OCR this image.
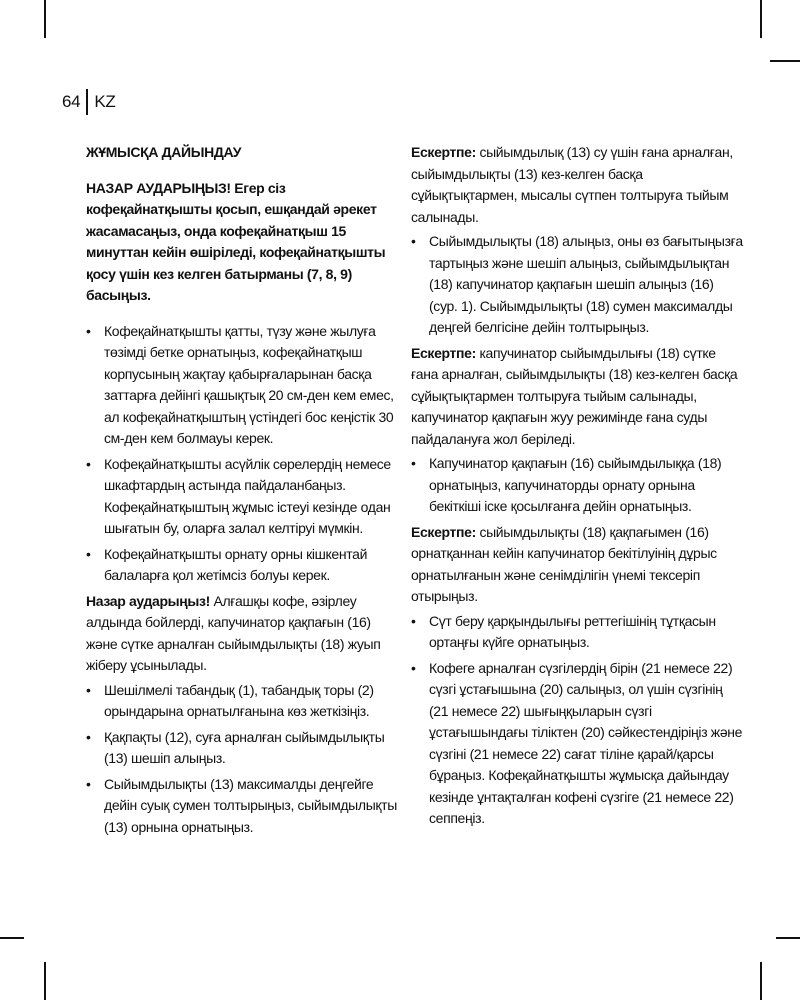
64 KZ
ЖҰМЫСҚА ДАЙЫНДАУ
НАЗАР АУДАРЫҢЫЗ! Егер сіз кофеқайнатқышты қосып, ешқандай әрекет жасамасаңыз, онда кофеқайнатқыш 15 минуттан кейін өшіріледі, кофеқайнатқышты қосу үшін кез келген батырманы (7, 8, 9) басыңыз.
• Кофеқайнатқышты қатты, түзу және жылуға төзімді бетке орнатыңыз, кофеқайнатқыш корпусының жақтау қабырғаларынан басқа заттарға дейінгі қашықтық 20 см-ден кем емес, ал кофеқайнатқыштың үстіндегі бос кеңістік 30 см-ден кем болмауы керек.
• Кофеқайнатқышты асүйлік сөрелердің немесе шкафтардың астында пайдаланбаңыз. Кофеқайнатқыштың жұмыс істеуі кезінде одан шығатын бу, оларға залал келтіруі мүмкін.
• Кофеқайнатқышты орнату орны кішкентай балаларға қол жетімсіз болуы керек.

Назар аударыңыз! Алғашқы кофе, әзірлеу алдында бойлерді, капучинатор қақпағын (16) және сүтке арналған сыйымдылықты (18) жуып жіберу ұсынылады.

• Шешілмелі табандық (1), табандық торы (2) орындарына орнатылғанына көз жеткізіңіз.
• Қақпақты (12), суға арналған сыйымдылықты (13) шешіп алыңыз.
• Сыйымдылықты (13) максималды деңгейге дейін суық сумен толтырыңыз, сыйымдылықты (13) орнына орнатыңыз.

Ескертпе: сыйымдылық (13) су үшін ғана арналған, сыйымдылықты (13) кез-келген басқа сұйықтықтармен, мысалы сүтпен толтыруға тыйым салынады.

• Сыйымдылықты (18) алыңыз, оны өз бағытыңызға тартыңыз және шешіп алыңыз, сыйымдылықтан (18) капучинатор қақпағын шешіп алыңыз (16) (сур. 1). Сыйымдылықты (18) сумен максималды деңгей белгісіне дейін толтырыңыз.

Ескертпе: капучинатор сыйымдылығы (18) сүтке ғана арналған, сыйымдылықты (18) кез-келген басқа сұйықтықтармен толтыруға тыйым салынады, капучинатор қақпағын жуу режимінде ғана суды пайдалануға жол беріледі.

• Капучинатор қақпағын (16) сыйымдылыққа (18) орнатыңыз, капучинаторды орнату орнына бекіткіші іске қосылғанға дейін орнатыңыз.

Ескертпе: сыйымдылықты (18) қақпағымен (16) орнатқаннан кейін капучинатор бекітілуінің дұрыс орнатылғанын және сенімділігін үнемі тексеріп отырыңыз.

• Сүт беру қарқындылығы реттегішінің тұтқасын ортаңғы күйге орнатыңыз.
• Кофеге арналған сүзгілердің бірін (21 немесе 22) сүзгі ұстағышына (20) салыңыз, ол үшін сүзгінің (21 немесе 22) шығыңқыларын сүзгі ұстағышындағы тіліктен (20) сәйкестендіріңіз және сүзгіні (21 немесе 22) сағат тіліне қарай/қарсы бұраңыз. Кофеқайнатқышты жұмысқа дайындау кезінде ұнтақталған кофені сүзгіге (21 немесе 22) сеппеңіз.
